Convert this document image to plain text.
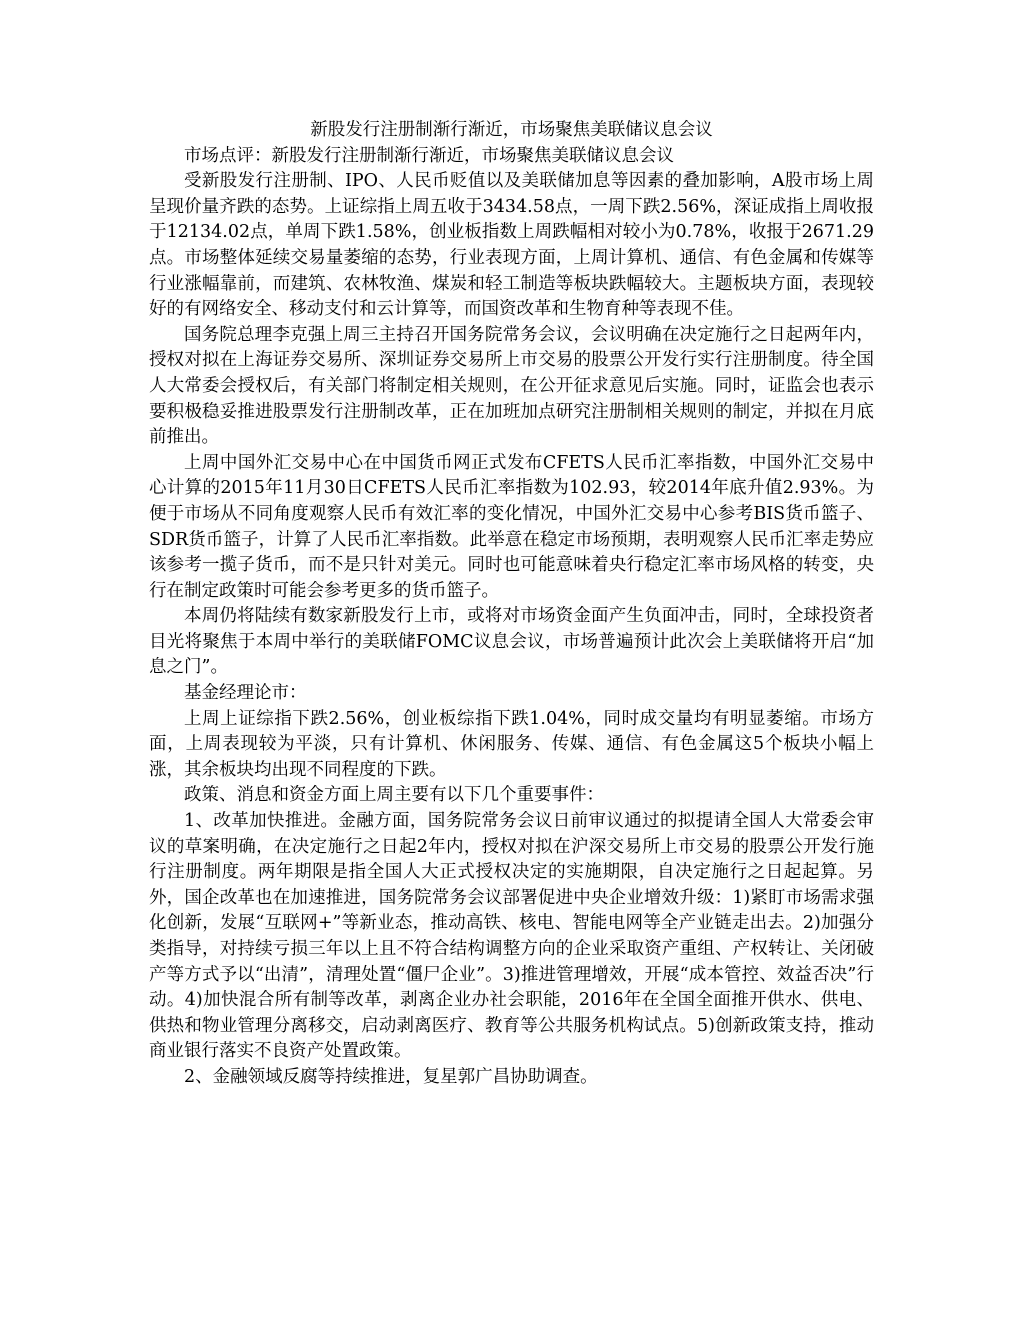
新股发行注册制渐行渐近，市场聚焦美联储议息会议

市场点评：新股发行注册制渐行渐近，市场聚焦美联储议息会议

受新股发行注册制、IPO、人民币贬值以及美联储加息等因素的叠加影响，A股市场上周呈现价量齐跌的态势。上证综指上周五收于3434.58点，一周下跌2.56%，深证成指上周收报于12134.02点，单周下跌1.58%，创业板指数上周跌幅相对较小为0.78%，收报于2671.29点。市场整体延续交易量萎缩的态势，行业表现方面，上周计算机、通信、有色金属和传媒等行业涨幅靠前，而建筑、农林牧渔、煤炭和轻工制造等板块跌幅较大。主题板块方面，表现较好的有网络安全、移动支付和云计算等，而国资改革和生物育种等表现不佳。

国务院总理李克强上周三主持召开国务院常务会议，会议明确在决定施行之日起两年内，授权对拟在上海证券交易所、深圳证券交易所上市交易的股票公开发行实行注册制度。待全国人大常委会授权后，有关部门将制定相关规则，在公开征求意见后实施。同时，证监会也表示要积极稳妥推进股票发行注册制改革，正在加班加点研究注册制相关规则的制定，并拟在月底前推出。

上周中国外汇交易中心在中国货币网正式发布CFETS人民币汇率指数，中国外汇交易中心计算的2015年11月30日CFETS人民币汇率指数为102.93，较2014年底升值2.93%。为便于市场从不同角度观察人民币有效汇率的变化情况，中国外汇交易中心参考BIS货币篮子、SDR货币篮子，计算了人民币汇率指数。此举意在稳定市场预期，表明观察人民币汇率走势应该参考一揽子货币，而不是只针对美元。同时也可能意味着央行稳定汇率市场风格的转变，央行在制定政策时可能会参考更多的货币篮子。

本周仍将陆续有数家新股发行上市，或将对市场资金面产生负面冲击，同时，全球投资者目光将聚焦于本周中举行的美联储FOMC议息会议，市场普遍预计此次会上美联储将开启“加息之门”。

基金经理论市：

上周上证综指下跌2.56%，创业板综指下跌1.04%，同时成交量均有明显萎缩。市场方面，上周表现较为平淡，只有计算机、休闲服务、传媒、通信、有色金属这5个板块小幅上涨，其余板块均出现不同程度的下跌。

政策、消息和资金方面上周主要有以下几个重要事件：

1、改革加快推进。金融方面，国务院常务会议日前审议通过的拟提请全国人大常委会审议的草案明确，在决定施行之日起2年内，授权对拟在沪深交易所上市交易的股票公开发行施行注册制度。两年期限是指全国人大正式授权决定的实施期限，自决定施行之日起起算。另外，国企改革也在加速推进，国务院常务会议部署促进中央企业增效升级：1)紧盯市场需求强化创新，发展“互联网+”等新业态，推动高铁、核电、智能电网等全产业链走出去。2)加强分类指导，对持续亏损三年以上且不符合结构调整方向的企业采取资产重组、产权转让、关闭破产等方式予以“出清”，清理处置“僵尸企业”。3)推进管理增效，开展“成本管控、效益否决”行动。4)加快混合所有制等改革，剥离企业办社会职能，2016年在全国全面推开供水、供电、供热和物业管理分离移交，启动剥离医疗、教育等公共服务机构试点。5)创新政策支持，推动商业银行落实不良资产处置政策。

2、金融领域反腐等持续推进，复星郭广昌协助调查。
